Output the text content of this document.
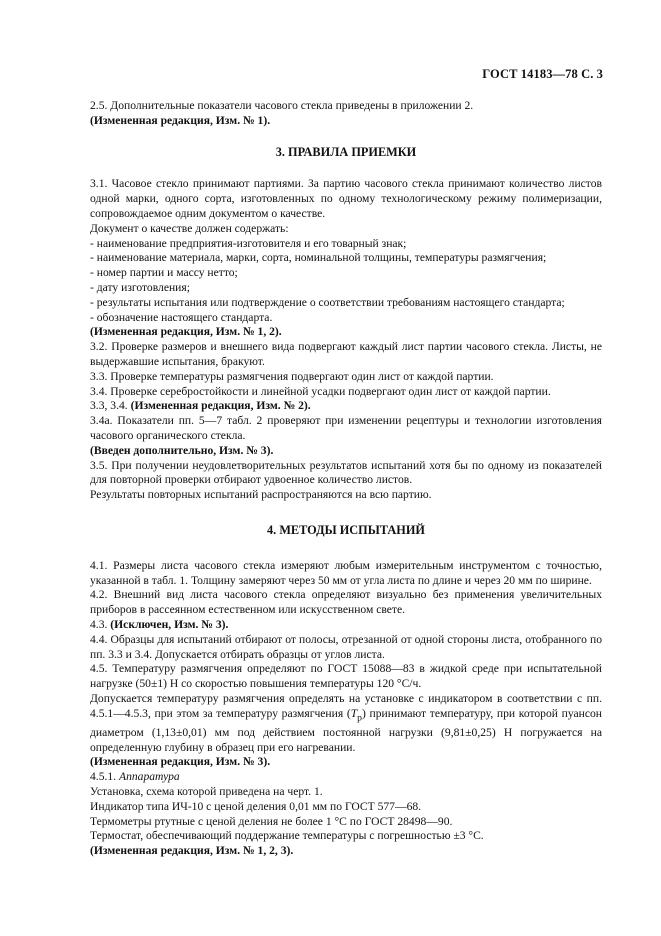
ГОСТ 14183—78 С. 3

2.5. Дополнительные показатели часового стекла приведены в приложении 2.

(Измененная редакция, Изм. № 1).

3. ПРАВИЛА ПРИЕМКИ

3.1. Часовое стекло принимают партиями. За партию часового стекла принимают количество листов одной марки, одного сорта, изготовленных по одному технологическому режиму полимеризации, сопровождаемое одним документом о качестве.

Документ о качестве должен содержать:

- наименование предприятия-изготовителя и его товарный знак;

- наименование материала, марки, сорта, номинальной толщины, температуры размягчения;

- номер партии и массу нетто;

- дату изготовления;

- результаты испытания или подтверждение о соответствии требованиям настоящего стандарта;

- обозначение настоящего стандарта.

(Измененная редакция, Изм. № 1, 2).

3.2. Проверке размеров и внешнего вида подвергают каждый лист партии часового стекла. Листы, не выдержавшие испытания, бракуют.

3.3. Проверке температуры размягчения подвергают один лист от каждой партии.

3.4. Проверке серебростойкости и линейной усадки подвергают один лист от каждой партии.

3.3, 3.4. (Измененная редакция, Изм. № 2).

3.4а. Показатели пп. 5—7 табл. 2 проверяют при изменении рецептуры и технологии изготовления часового органического стекла.

(Введен дополнительно, Изм. № 3).

3.5. При получении неудовлетворительных результатов испытаний хотя бы по одному из показателей для повторной проверки отбирают удвоенное количество листов.

Результаты повторных испытаний распространяются на всю партию.

4. МЕТОДЫ ИСПЫТАНИЙ

4.1. Размеры листа часового стекла измеряют любым измерительным инструментом с точностью, указанной в табл. 1. Толщину замеряют через 50 мм от угла листа по длине и через 20 мм по ширине.

4.2. Внешний вид листа часового стекла определяют визуально без применения увеличительных приборов в рассеянном естественном или искусственном свете.

4.3. (Исключен, Изм. № 3).

4.4. Образцы для испытаний отбирают от полосы, отрезанной от одной стороны листа, отобранного по пп. 3.3 и 3.4. Допускается отбирать образцы от углов листа.

4.5. Температуру размягчения определяют по ГОСТ 15088—83 в жидкой среде при испытательной нагрузке (50±1) Н со скоростью повышения температуры 120 °С/ч.

Допускается температуру размягчения определять на установке с индикатором в соответствии с пп. 4.5.1—4.5.3, при этом за температуру размягчения $(T_р)$ принимают температуру, при которой пуансон диаметром (1,13±0,01) мм под действием постоянной нагрузки (9,81±0,25) Н погружается на определенную глубину в образец при его нагревании.

(Измененная редакция, Изм. № 3).

4.5.1. Аппаратура

Установка, схема которой приведена на черт. 1.

Индикатор типа ИЧ-10 с ценой деления 0,01 мм по ГОСТ 577—68.

Термометры ртутные с ценой деления не более 1 °С по ГОСТ 28498—90.

Термостат, обеспечивающий поддержание температуры с погрешностью ±3 °С.

(Измененная редакция, Изм. № 1, 2, 3).
